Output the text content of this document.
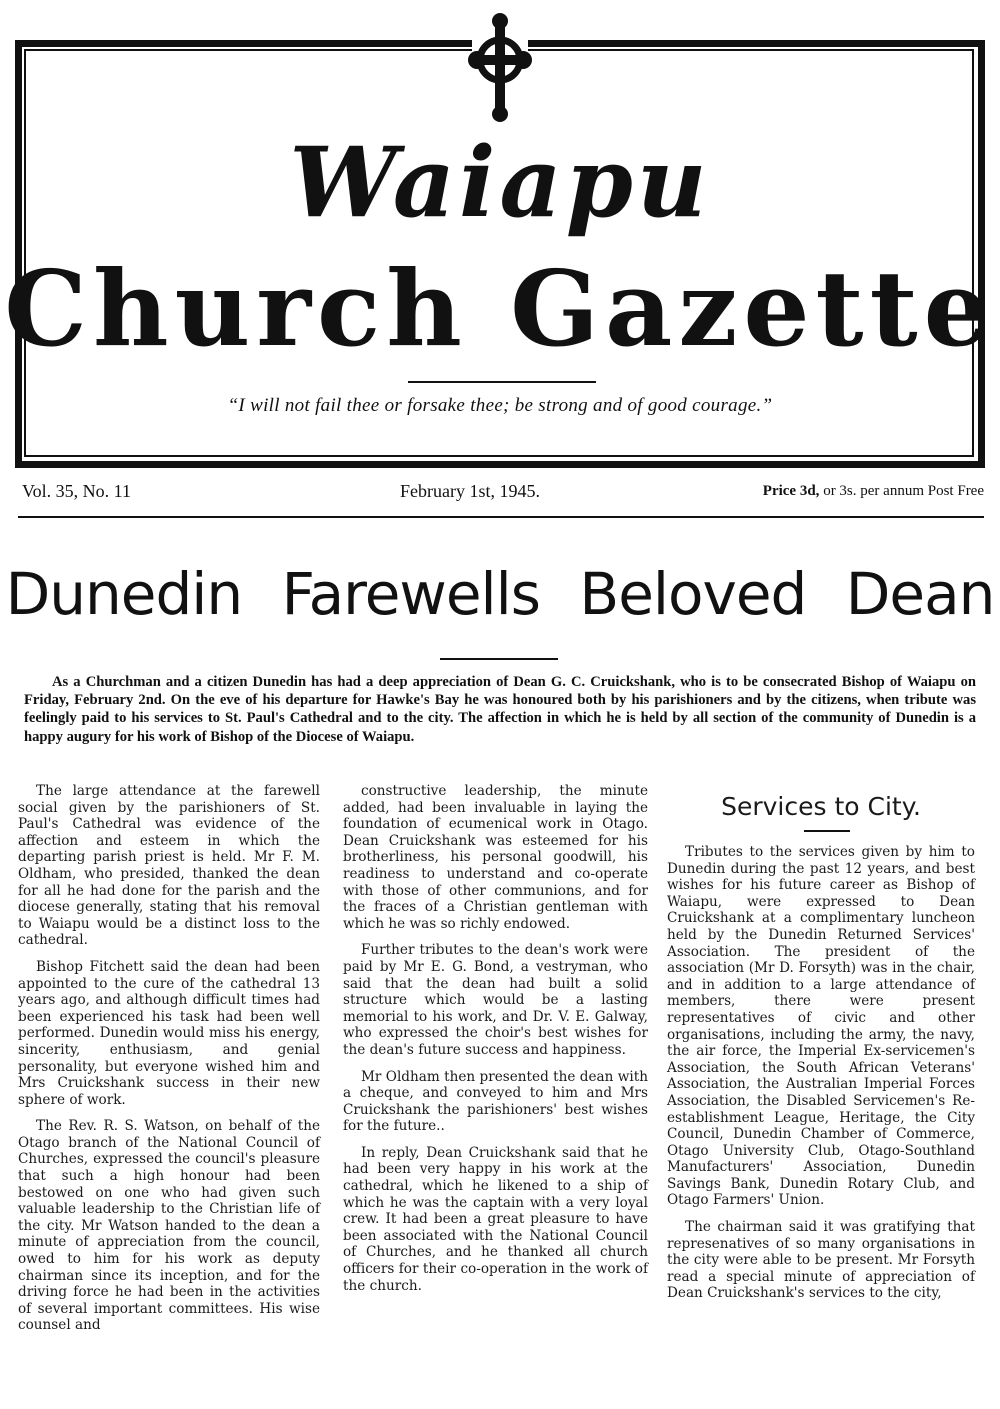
Waiapu
Church Gazette
“I will not fail thee or forsake thee; be strong and of good courage.”
Vol. 35, No. 11	February 1st, 1945.	Price 3d, or 3s. per annum Post Free
Dunedin Farewells Beloved Dean
As a Churchman and a citizen Dunedin has had a deep appreciation of Dean G. C. Cruickshank, who is to be consecrated Bishop of Waiapu on Friday, February 2nd. On the eve of his departure for Hawke's Bay he was honoured both by his parishioners and by the citizens, when tribute was feelingly paid to his services to St. Paul's Cathedral and to the city. The affection in which he is held by all section of the community of Dunedin is a happy augury for his work of Bishop of the Diocese of Waiapu.

The large attendance at the farewell social given by the parishioners of St. Paul's Cathedral was evidence of the affection and esteem in which the departing parish priest is held. Mr F. M. Oldham, who presided, thanked the dean for all he had done for the parish and the diocese generally, stating that his removal to Waiapu would be a distinct loss to the cathedral.

Bishop Fitchett said the dean had been appointed to the cure of the cathedral 13 years ago, and although difficult times had been experienced his task had been well performed. Dunedin would miss his energy, sincerity, enthusiasm, and genial personality, but everyone wished him and Mrs Cruickshank success in their new sphere of work.

The Rev. R. S. Watson, on behalf of the Otago branch of the National Council of Churches, expressed the council's pleasure that such a high honour had been bestowed on one who had given such valuable leadership to the Christian life of the city. Mr Watson handed to the dean a minute of appreciation from the council, owed to him for his work as deputy chairman since its inception, and for the driving force he had been in the activities of several important committees. His wise counsel and

constructive leadership, the minute added, had been invaluable in laying the foundation of ecumenical work in Otago. Dean Cruickshank was esteemed for his brotherliness, his personal goodwill, his readiness to understand and co-operate with those of other communions, and for the fraces of a Christian gentleman with which he was so richly endowed.

Further tributes to the dean's work were paid by Mr E. G. Bond, a vestryman, who said that the dean had built a solid structure which would be a lasting memorial to his work, and Dr. V. E. Galway, who expressed the choir's best wishes for the dean's future success and happiness.

Mr Oldham then presented the dean with a cheque, and conveyed to him and Mrs Cruickshank the parishioners' best wishes for the future..

In reply, Dean Cruickshank said that he had been very happy in his work at the cathedral, which he likened to a ship of which he was the captain with a very loyal crew. It had been a great pleasure to have been associated with the National Council of Churches, and he thanked all church officers for their co-operation in the work of the church.

Services to City.

Tributes to the services given by him to Dunedin during the past 12 years, and best wishes for his future career as Bishop of Waiapu, were expressed to Dean Cruickshank at a complimentary luncheon held by the Dunedin Returned Services' Association. The president of the association (Mr D. Forsyth) was in the chair, and in addition to a large attendance of members, there were present representatives of civic and other organisations, including the army, the navy, the air force, the Imperial Ex-servicemen's Association, the South African Veterans' Association, the Australian Imperial Forces Association, the Disabled Servicemen's Re-establishment League, Heritage, the City Council, Dunedin Chamber of Commerce, Otago University Club, Otago-Southland Manufacturers' Association, Dunedin Savings Bank, Dunedin Rotary Club, and Otago Farmers' Union.

The chairman said it was gratifying that represenatives of so many organisations in the city were able to be present. Mr Forsyth read a special minute of appreciation of Dean Cruickshank's services to the city,
